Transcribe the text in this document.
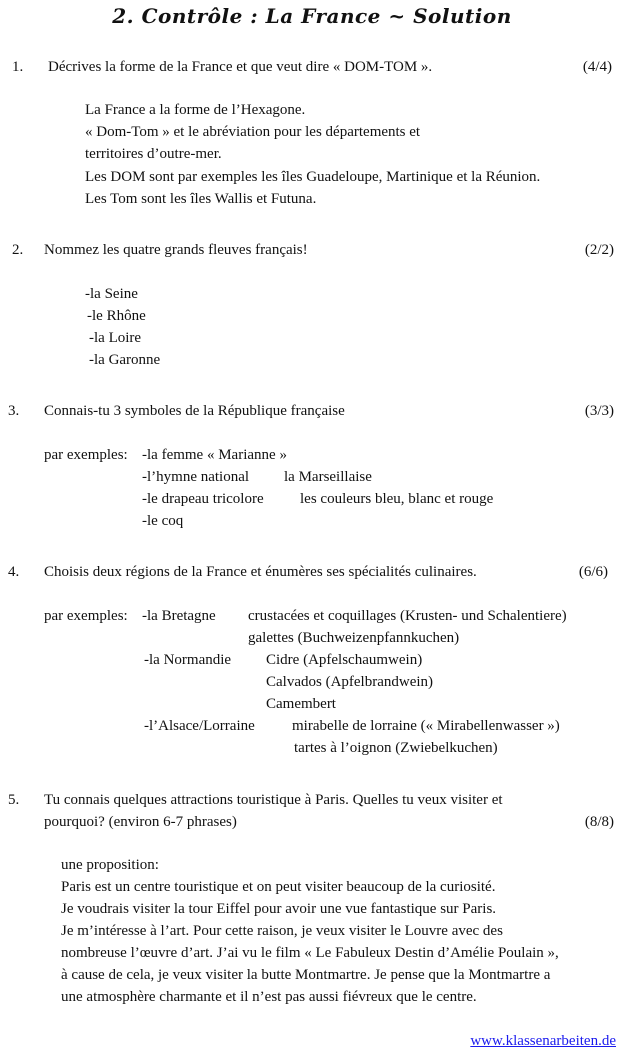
2. Contrôle : La France ~ Solution
1. Décrives la forme de la France et que veut dire « DOM-TOM ».	(4/4)
La France a la forme de l’Hexagone.
« Dom-Tom » et le abréviation pour les départements et
territoires d’outre-mer.
Les DOM sont par exemples les îles Guadeloupe, Martinique et la Réunion.
Les Tom sont les îles Wallis et Futuna.
2. Nommez les quatre grands fleuves français!	(2/2)
-la Seine
-le Rhône
-la Loire
-la Garonne
3. Connais-tu 3 symboles de la République française	(3/3)
par exemples: -la femme « Marianne »
-l’hymne national la Marseillaise
-le drapeau tricolore les couleurs bleu, blanc et rouge
-le coq
4. Choisis deux régions de la France et énumères ses spécialités culinaires.	(6/6)
par exemples: -la Bretagne crustacées et coquillages (Krusten- und Schalentiere)
galettes (Buchweizenpfannkuchen)
-la Normandie Cidre (Apfelschaumwein)
Calvados (Apfelbrandwein)
Camembert
-l’Alsace/Lorraine mirabelle de lorraine (« Mirabellenwasser »)
tartes à l’oignon (Zwiebelkuchen)
5. Tu connais quelques attractions touristique à Paris. Quelles tu veux visiter et
pourquoi? (environ 6-7 phrases)	(8/8)
une proposition:
Paris est un centre touristique et on peut visiter beaucoup de la curiosité.
Je voudrais visiter la tour Eiffel pour avoir une vue fantastique sur Paris.
Je m’intéresse à l’art. Pour cette raison, je veux visiter le Louvre avec des
nombreuse l’œuvre d’art. J’ai vu le film « Le Fabuleux Destin d’Amélie Poulain »,
à cause de cela, je veux visiter la butte Montmartre. Je pense que la Montmartre a
une atmosphère charmante et il n’est pas aussi fiévreux que le centre.
www.klassenarbeiten.de
